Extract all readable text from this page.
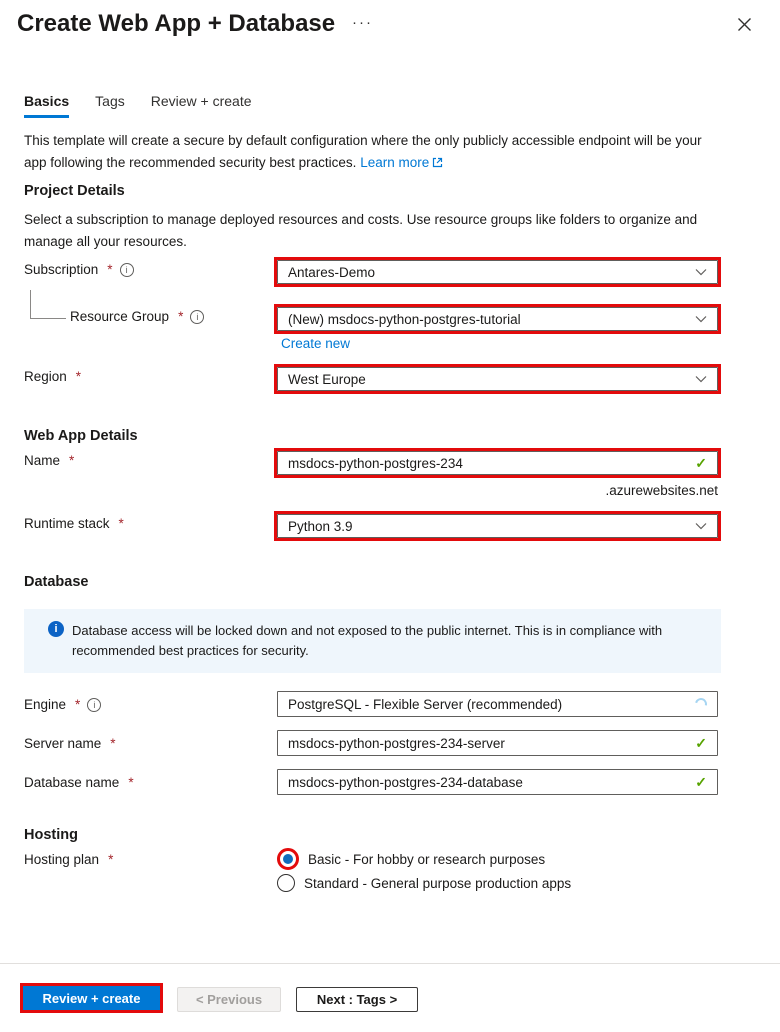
Create Web App + Database ···
Basics Tags Review + create
This template will create a secure by default configuration where the only publicly accessible endpoint will be your app following the recommended security best practices. Learn more
Project Details
Select a subscription to manage deployed resources and costs. Use resource groups like folders to organize and manage all your resources.
Subscription *	i	Antares-Demo
Resource Group *	i	(New) msdocs-python-postgres-tutorial
Create new
Region *	West Europe
Web App Details
Name *	msdocs-python-postgres-234	✓
.azurewebsites.net
Runtime stack *	Python 3.9
Database
i	Database access will be locked down and not exposed to the public internet. This is in compliance with recommended best practices for security.
Engine *	i	PostgreSQL - Flexible Server (recommended)
Server name *	msdocs-python-postgres-234-server	✓
Database name *	msdocs-python-postgres-234-database	✓
Hosting
Hosting plan *	Basic - For hobby or research purposes
Standard - General purpose production apps
Review + create	< Previous	Next : Tags >
